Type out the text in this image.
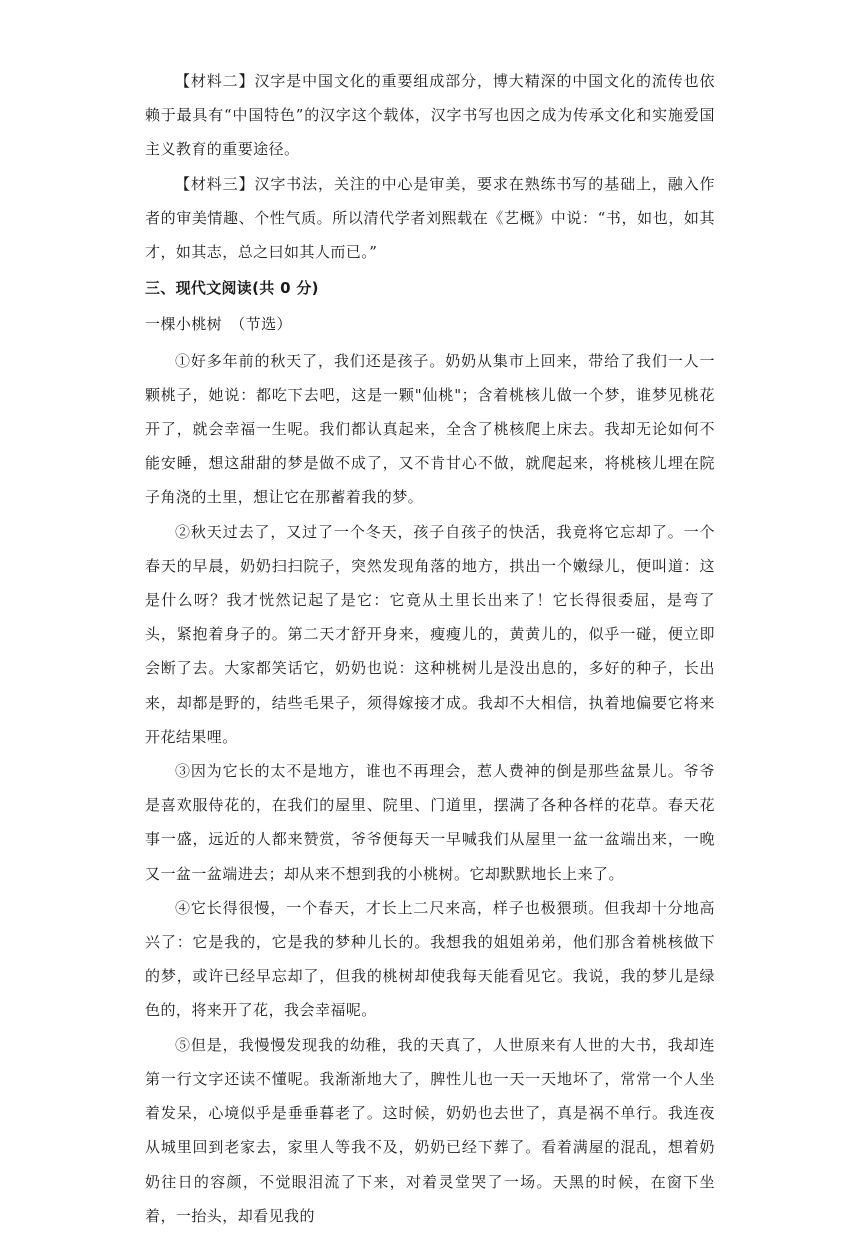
【材料二】汉字是中国文化的重要组成部分，博大精深的中国文化的流传也依赖于最具有“中国特色”的汉字这个载体，汉字书写也因之成为传承文化和实施爱国主义教育的重要途径。

【材料三】汉字书法，关注的中心是审美，要求在熟练书写的基础上，融入作者的审美情趣、个性气质。所以清代学者刘熙载在《艺概》中说：“书，如也，如其才，如其志，总之曰如其人而已。”

三、现代文阅读(共 0 分)

一棵小桃树　（节选）

①好多年前的秋天了，我们还是孩子。奶奶从集市上回来，带给了我们一人一颗桃子，她说：都吃下去吧，这是一颗"仙桃"；含着桃核儿做一个梦，谁梦见桃花开了，就会幸福一生呢。我们都认真起来，全含了桃核爬上床去。我却无论如何不能安睡，想这甜甜的梦是做不成了，又不肯甘心不做，就爬起来，将桃核儿埋在院子角浇的土里，想让它在那蓄着我的梦。

②秋天过去了，又过了一个冬天，孩子自孩子的快活，我竟将它忘却了。一个春天的早晨，奶奶扫扫院子，突然发现角落的地方，拱出一个嫩绿儿，便叫道：这是什么呀？我才恍然记起了是它：它竟从土里长出来了！它长得很委屈，是弯了头，紧抱着身子的。第二天才舒开身来，瘦瘦儿的，黄黄儿的，似乎一碰，便立即会断了去。大家都笑话它，奶奶也说：这种桃树儿是没出息的，多好的种子，长出来，却都是野的，结些毛果子，须得嫁接才成。我却不大相信，执着地偏要它将来开花结果哩。

③因为它长的太不是地方，谁也不再理会，惹人费神的倒是那些盆景儿。爷爷是喜欢服侍花的，在我们的屋里、院里、门道里，摆满了各种各样的花草。春天花事一盛，远近的人都来赞赏，爷爷便每天一早喊我们从屋里一盆一盆端出来，一晚又一盆一盆端进去；却从来不想到我的小桃树。它却默默地长上来了。

④它长得很慢，一个春天，才长上二尺来高，样子也极猥琐。但我却十分地高兴了：它是我的，它是我的梦种儿长的。我想我的姐姐弟弟，他们那含着桃核做下的梦，或许已经早忘却了，但我的桃树却使我每天能看见它。我说，我的梦儿是绿色的，将来开了花，我会幸福呢。

⑤但是，我慢慢发现我的幼稚，我的天真了，人世原来有人世的大书，我却连第一行文字还读不懂呢。我渐渐地大了，脾性儿也一天一天地坏了，常常一个人坐着发呆，心境似乎是垂垂暮老了。这时候，奶奶也去世了，真是祸不单行。我连夜从城里回到老家去，家里人等我不及，奶奶已经下葬了。看着满屋的混乱，想着奶奶往日的容颜，不觉眼泪流了下来，对着灵堂哭了一场。天黑的时候，在窗下坐着，一抬头，却看见我的
